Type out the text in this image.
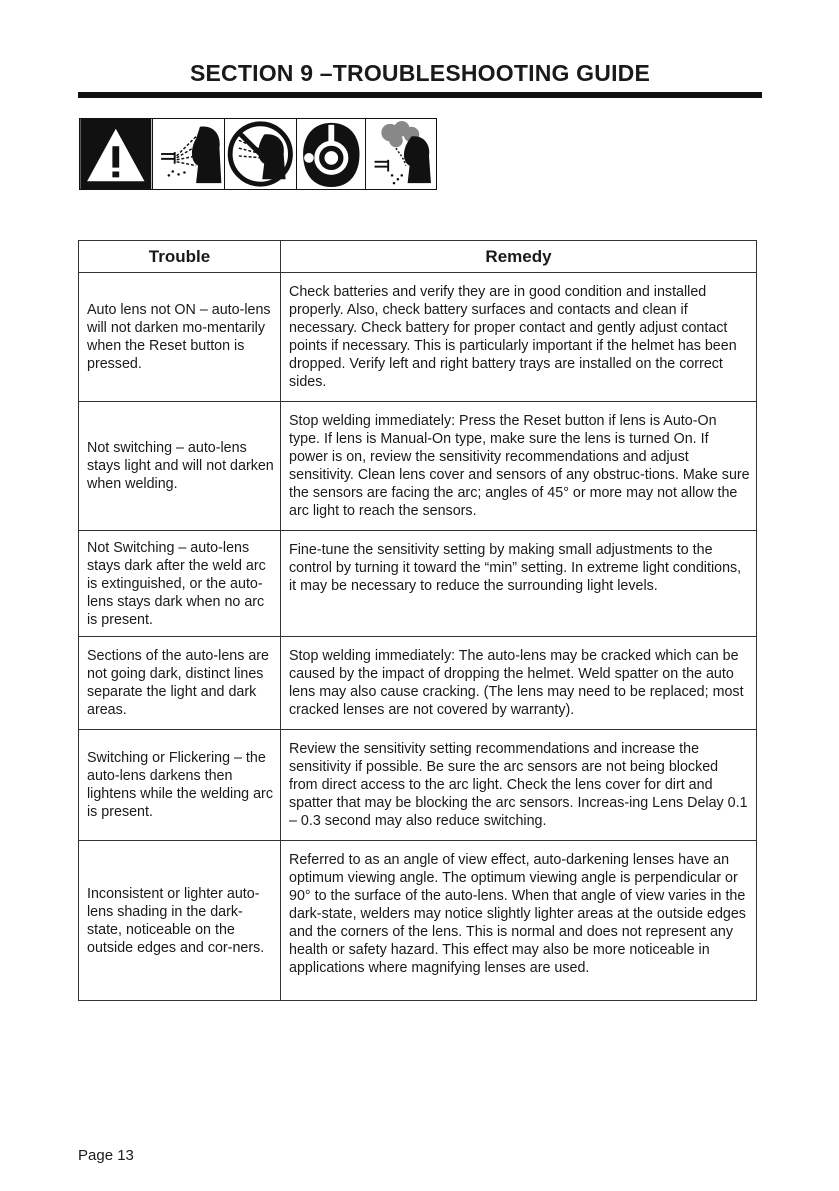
SECTION 9 –TROUBLESHOOTING GUIDE
Trouble	Remedy
Auto lens not ON – auto-lens will not darken mo-mentarily when the Reset button is pressed.	Check batteries and verify they are in good condition and installed properly. Also, check battery surfaces and contacts and clean if necessary. Check battery for proper contact and gently adjust contact points if necessary. This is particularly important if the helmet has been dropped. Verify left and right battery trays are installed on the correct sides.
Not switching – auto-lens stays light and will not darken when welding.	Stop welding immediately: Press the Reset button if lens is Auto-On type. If lens is Manual-On type, make sure the lens is turned On. If power is on, review the sensitivity recommendations and adjust sensitivity. Clean lens cover and sensors of any obstruc-tions. Make sure the sensors are facing the arc; angles of 45° or more may not allow the arc light to reach the sensors.
Not Switching – auto-lens stays dark after the weld arc is extinguished, or the auto-lens stays dark when no arc is present.	Fine-tune the sensitivity setting by making small adjustments to the control by turning it toward the “min” setting. In extreme light conditions, it may be necessary to reduce the surrounding light levels.
Sections of the auto-lens are not going dark, distinct lines separate the light and dark areas.	Stop welding immediately: The auto-lens may be cracked which can be caused by the impact of dropping the helmet. Weld spatter on the auto lens may also cause cracking. (The lens may need to be replaced; most cracked lenses are not covered by warranty).
Switching or Flickering – the auto-lens darkens then lightens while the welding arc is present.	Review the sensitivity setting recommendations and increase the sensitivity if possible. Be sure the arc sensors are not being blocked from direct access to the arc light. Check the lens cover for dirt and spatter that may be blocking the arc sensors. Increas-ing Lens Delay 0.1 – 0.3 second may also reduce switching.
Inconsistent or lighter auto-lens shading in the dark-state, noticeable on the outside edges and cor-ners.	Referred to as an angle of view effect, auto-darkening lenses have an optimum viewing angle. The optimum viewing angle is perpendicular or 90° to the surface of the auto-lens. When that angle of view varies in the dark-state, welders may notice slightly lighter areas at the outside edges and the corners of the lens. This is normal and does not represent any health or safety hazard. This effect may also be more noticeable in applications where magnifying lenses are used.
Page 13
